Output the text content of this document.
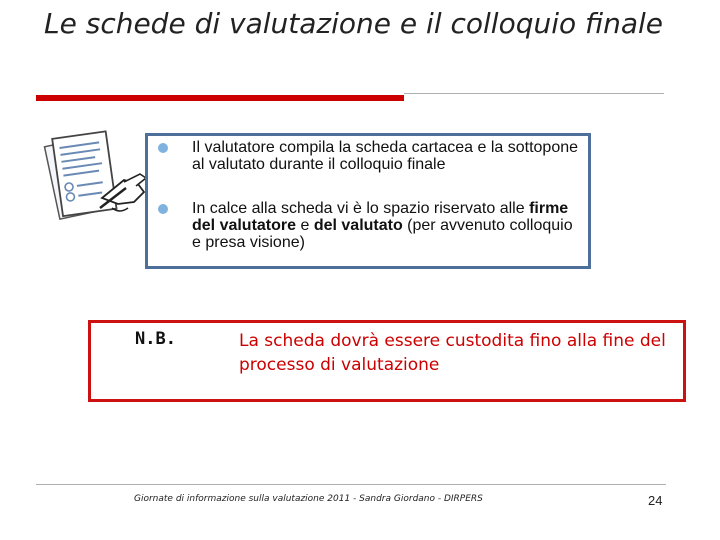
Le schede di valutazione e il colloquio finale
Il valutatore compila la scheda cartacea e la sottopone al valutato durante il colloquio finale
In calce alla scheda vi è lo spazio riservato alle firme del valutatore e del valutato (per avvenuto colloquio e presa visione)
N.B.	La scheda dovrà essere custodita fino alla fine del processo di valutazione
Giornate di informazione sulla valutazione 2011 - Sandra Giordano - DIRPERS	24
